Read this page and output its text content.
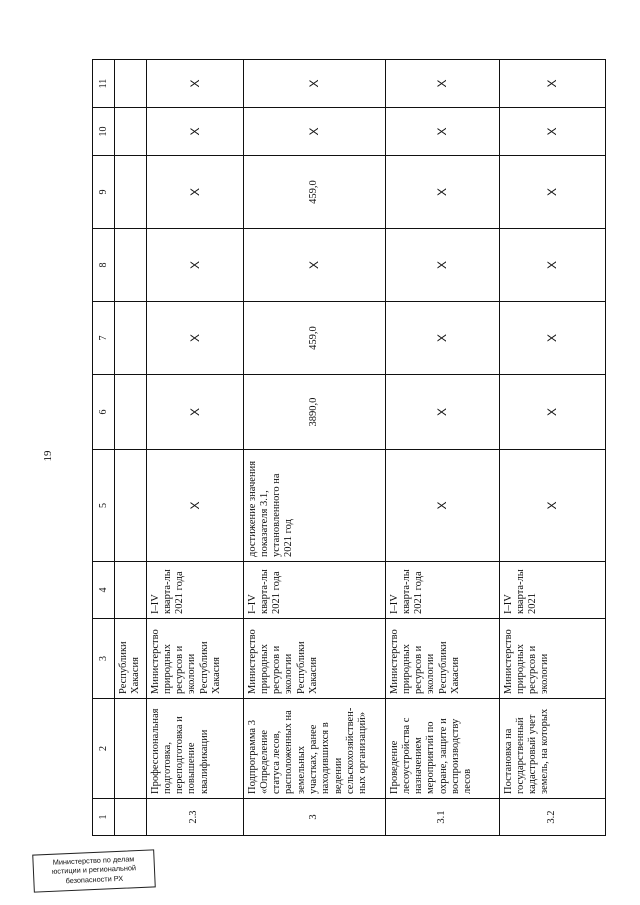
19
1	2	3	4	5	6	7	8	9	10	11
		Республики Хакасия								
2.3	Профессиональная подготовка, переподготовка и повышение квалификации	Министерство природных ресурсов и экологии Республики Хакасия	I–IV кварта-лы 2021 года	Х	Х	Х	Х	Х	Х	Х
3	Подпрограмма 3 «Определение статуса лесов, расположенных на земельных участках, ранее находившихся в ведении сельскохозяйствен-ных организаций»	Министерство природных ресурсов и экологии Республики Хакасия	I–IV кварта-лы 2021 года	достижение значения показателя 3.1, установленного на 2021 год	3890,0	459,0	Х	459,0	Х	Х
3.1	Проведение лесоустройства с назначением мероприятий по охране, защите и воспроизводству лесов	Министерство природных ресурсов и экологии Республики Хакасия	I–IV кварта-лы 2021 года	Х	Х	Х	Х	Х	Х	Х
3.2	Постановка на государственный кадастровый учет земель, на которых	Министерство природных ресурсов и экологии	I–IV кварта-лы 2021	Х	Х	Х	Х	Х	Х	Х
Министерство по делам
юстиции и региональной
безопасности РХ
